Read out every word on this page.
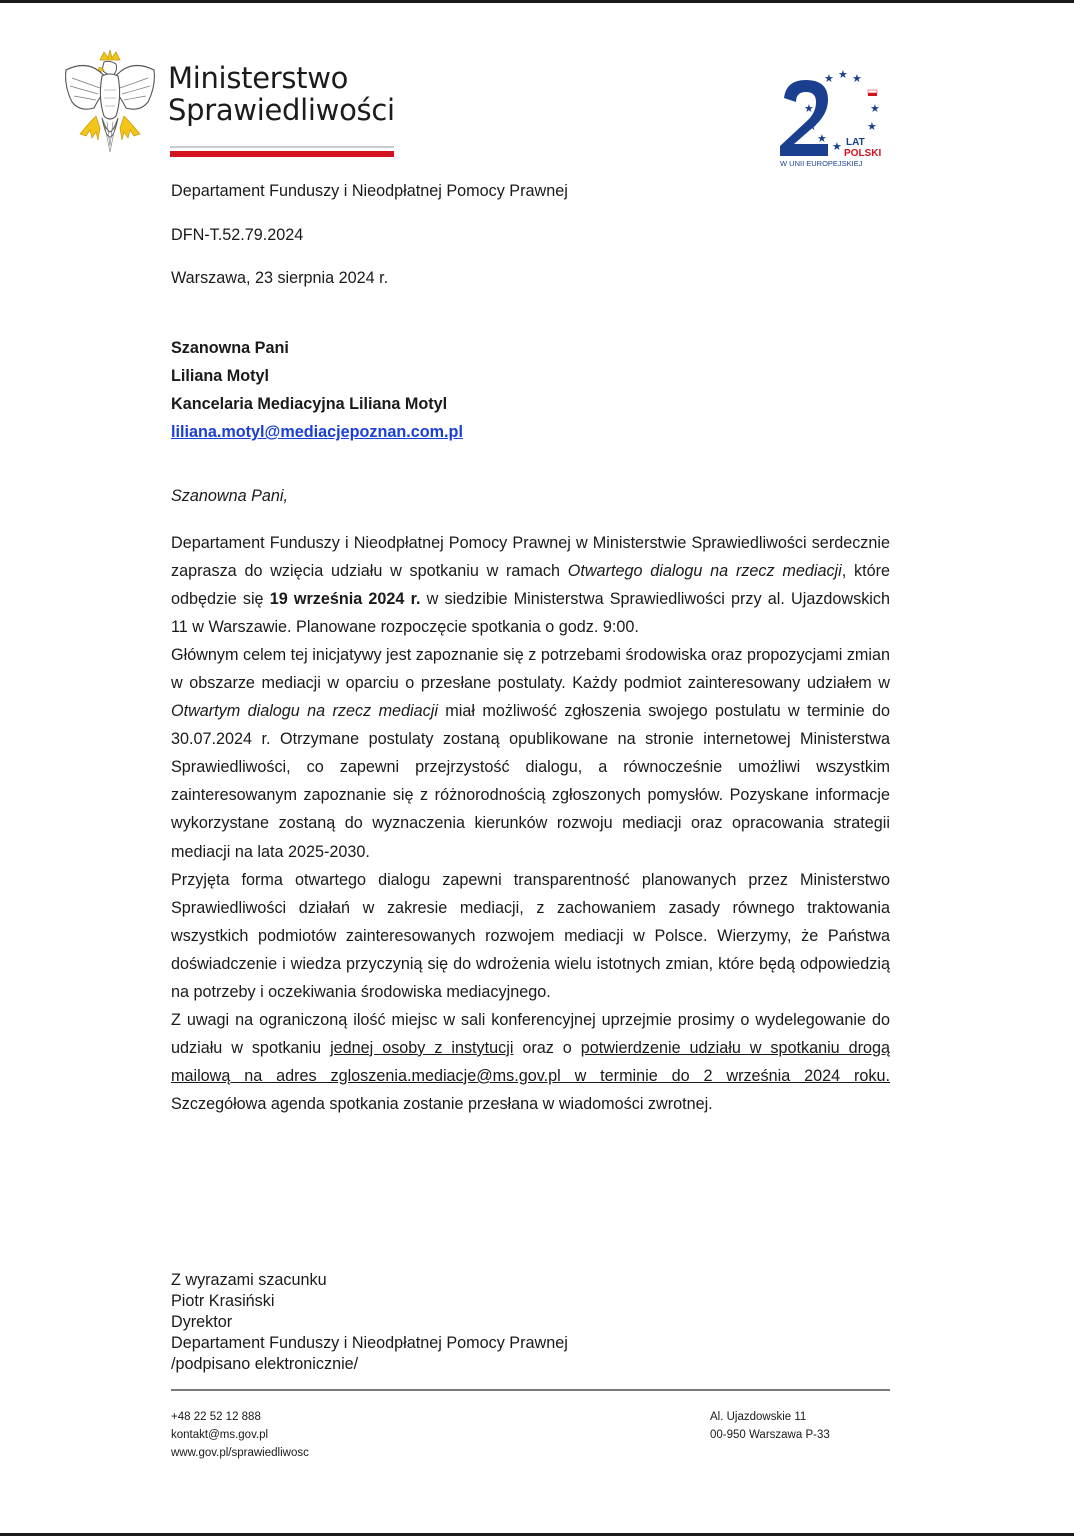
Ministerstwo
Sprawiedliwości
★ ★ ★
★
★
★
★
★
★ LAT
POLSKI
W UNII EUROPEJSKIEJ
Departament Funduszy i Nieodpłatnej Pomocy Prawnej
DFN-T.52.79.2024
Warszawa, 23 sierpnia 2024 r.
Szanowna Pani
Liliana Motyl
Kancelaria Mediacyjna Liliana Motyl
liliana.motyl@mediacjepoznan.com.pl
Szanowna Pani,

Departament Funduszy i Nieodpłatnej Pomocy Prawnej w Ministerstwie Sprawiedliwości serdecznie zaprasza do wzięcia udziału w spotkaniu w ramach Otwartego dialogu na rzecz mediacji, które odbędzie się 19 września 2024 r. w siedzibie Ministerstwa Sprawiedliwości przy al. Ujazdowskich 11 w Warszawie. Planowane rozpoczęcie spotkania o godz. 9:00.

Głównym celem tej inicjatywy jest zapoznanie się z potrzebami środowiska oraz propozycjami zmian w obszarze mediacji w oparciu o przesłane postulaty. Każdy podmiot zainteresowany udziałem w Otwartym dialogu na rzecz mediacji miał możliwość zgłoszenia swojego postulatu w terminie do 30.07.2024 r. Otrzymane postulaty zostaną opublikowane na stronie internetowej Ministerstwa Sprawiedliwości, co zapewni przejrzystość dialogu, a równocześnie umożliwi wszystkim zainteresowanym zapoznanie się z różnorodnością zgłoszonych pomysłów. Pozyskane informacje wykorzystane zostaną do wyznaczenia kierunków rozwoju mediacji oraz opracowania strategii mediacji na lata 2025-2030.

Przyjęta forma otwartego dialogu zapewni transparentność planowanych przez Ministerstwo Sprawiedliwości działań w zakresie mediacji, z zachowaniem zasady równego traktowania wszystkich podmiotów zainteresowanych rozwojem mediacji w Polsce. Wierzymy, że Państwa doświadczenie i wiedza przyczynią się do wdrożenia wielu istotnych zmian, które będą odpowiedzią na potrzeby i oczekiwania środowiska mediacyjnego.

Z uwagi na ograniczoną ilość miejsc w sali konferencyjnej uprzejmie prosimy o wydelegowanie do udziału w spotkaniu jednej osoby z instytucji oraz o potwierdzenie udziału w spotkaniu drogą mailową na adres zgloszenia.mediacje@ms.gov.pl w terminie do 2 września 2024 roku. Szczegółowa agenda spotkania zostanie przesłana w wiadomości zwrotnej.

Z wyrazami szacunku
Piotr Krasiński
Dyrektor
Departament Funduszy i Nieodpłatnej Pomocy Prawnej
/podpisano elektronicznie/
+48 22 52 12 888
kontakt@ms.gov.pl
www.gov.pl/sprawiedliwosc
Al. Ujazdowskie 11
00-950 Warszawa P-33
